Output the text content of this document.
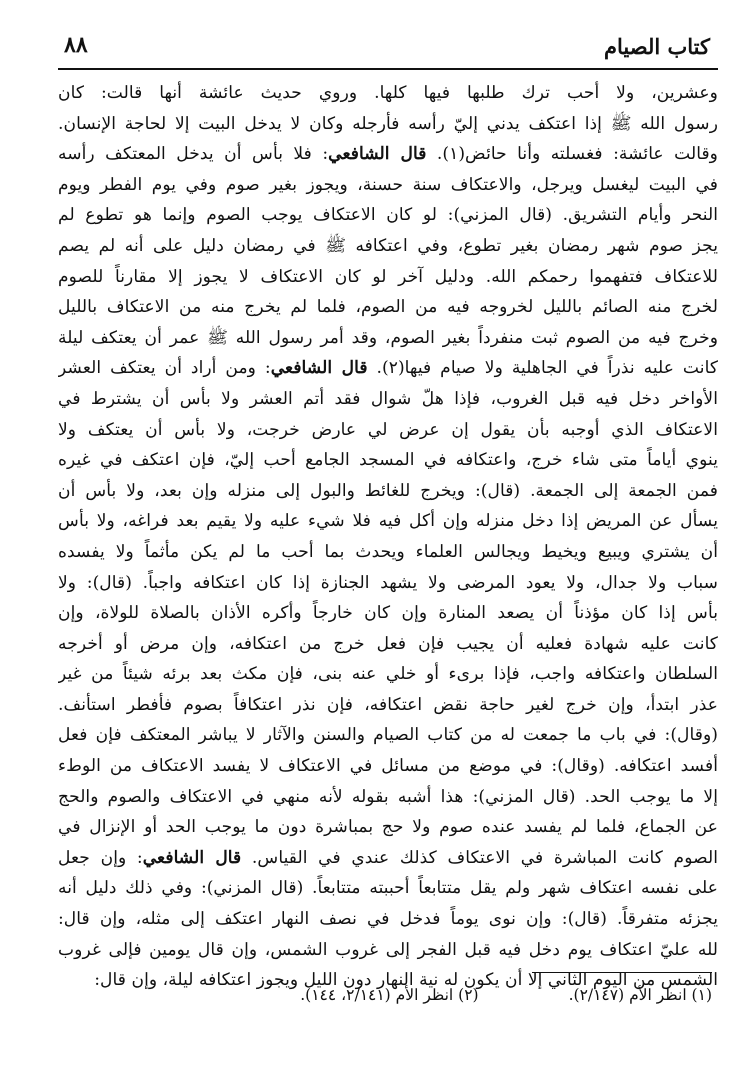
كتاب الصيام
٨٨
وعشرين، ولا أحب ترك طلبها فيها كلها. وروي حديث عائشة أنها قالت: كان
رسول الله ﷺ إذا اعتكف يدني إليّ رأسه فأرجله وكان لا يدخل البيت إلا لحاجة الإنسان.
وقالت عائشة: فغسلته وأنا حائض(١). قال الشافعي: فلا بأس أن يدخل المعتكف رأسه
في البيت ليغسل ويرجل، والاعتكاف سنة حسنة، ويجوز بغير صوم وفي يوم الفطر ويوم
النحر وأيام التشريق. (قال المزني): لو كان الاعتكاف يوجب الصوم وإنما هو تطوع لم
يجز صوم شهر رمضان بغير تطوع، وفي اعتكافه ﷺ في رمضان دليل على أنه لم يصم
للاعتكاف فتفهموا رحمكم الله. ودليل آخر لو كان الاعتكاف لا يجوز إلا مقارناً للصوم
لخرج منه الصائم بالليل لخروجه فيه من الصوم، فلما لم يخرج منه من الاعتكاف بالليل
وخرج فيه من الصوم ثبت منفرداً بغير الصوم، وقد أمر رسول الله ﷺ عمر أن يعتكف ليلة
كانت عليه نذراً في الجاهلية ولا صيام فيها(٢). قال الشافعي: ومن أراد أن يعتكف العشر
الأواخر دخل فيه قبل الغروب، فإذا هلّ شوال فقد أتم العشر ولا بأس أن يشترط في
الاعتكاف الذي أوجبه بأن يقول إن عرض لي عارض خرجت، ولا بأس أن يعتكف ولا
ينوي أياماً متى شاء خرج، واعتكافه في المسجد الجامع أحب إليّ، فإن اعتكف في غيره
فمن الجمعة إلى الجمعة. (قال): ويخرج للغائط والبول إلى منزله وإن بعد، ولا بأس أن
يسأل عن المريض إذا دخل منزله وإن أكل فيه فلا شيء عليه ولا يقيم بعد فراغه، ولا بأس
أن يشتري ويبيع ويخيط ويجالس العلماء ويحدث بما أحب ما لم يكن مأثماً ولا يفسده
سباب ولا جدال، ولا يعود المرضى ولا يشهد الجنازة إذا كان اعتكافه واجباً. (قال): ولا
بأس إذا كان مؤذناً أن يصعد المنارة وإن كان خارجاً وأكره الأذان بالصلاة للولاة، وإن
كانت عليه شهادة فعليه أن يجيب فإن فعل خرج من اعتكافه، وإن مرض أو أخرجه
السلطان واعتكافه واجب، فإذا برىء أو خلي عنه بنى، فإن مكث بعد برئه شيئاً من غير
عذر ابتدأ، وإن خرج لغير حاجة نقض اعتكافه، فإن نذر اعتكافاً بصوم فأفطر استأنف.
(وقال): في باب ما جمعت له من كتاب الصيام والسنن والآثار لا يباشر المعتكف فإن فعل
أفسد اعتكافه. (وقال): في موضع من مسائل في الاعتكاف لا يفسد الاعتكاف من الوطء
إلا ما يوجب الحد. (قال المزني): هذا أشبه بقوله لأنه منهي في الاعتكاف والصوم والحج
عن الجماع، فلما لم يفسد عنده صوم ولا حج بمباشرة دون ما يوجب الحد أو الإنزال في
الصوم كانت المباشرة في الاعتكاف كذلك عندي في القياس. قال الشافعي: وإن جعل
على نفسه اعتكاف شهر ولم يقل متتابعاً أحببته متتابعاً. (قال المزني): وفي ذلك دليل أنه
يجزئه متفرقاً. (قال): وإن نوى يوماً فدخل في نصف النهار اعتكف إلى مثله، وإن قال:
لله عليّ اعتكاف يوم دخل فيه قبل الفجر إلى غروب الشمس، وإن قال يومين فإلى غروب
الشمس من اليوم الثاني إلا أن يكون له نية النهار دون الليل ويجوز اعتكافه ليلة، وإن قال:
(١) انظر الأم (٢/١٤٧).
(٢) انظر الأم (٢/١٤١، ١٤٤).
